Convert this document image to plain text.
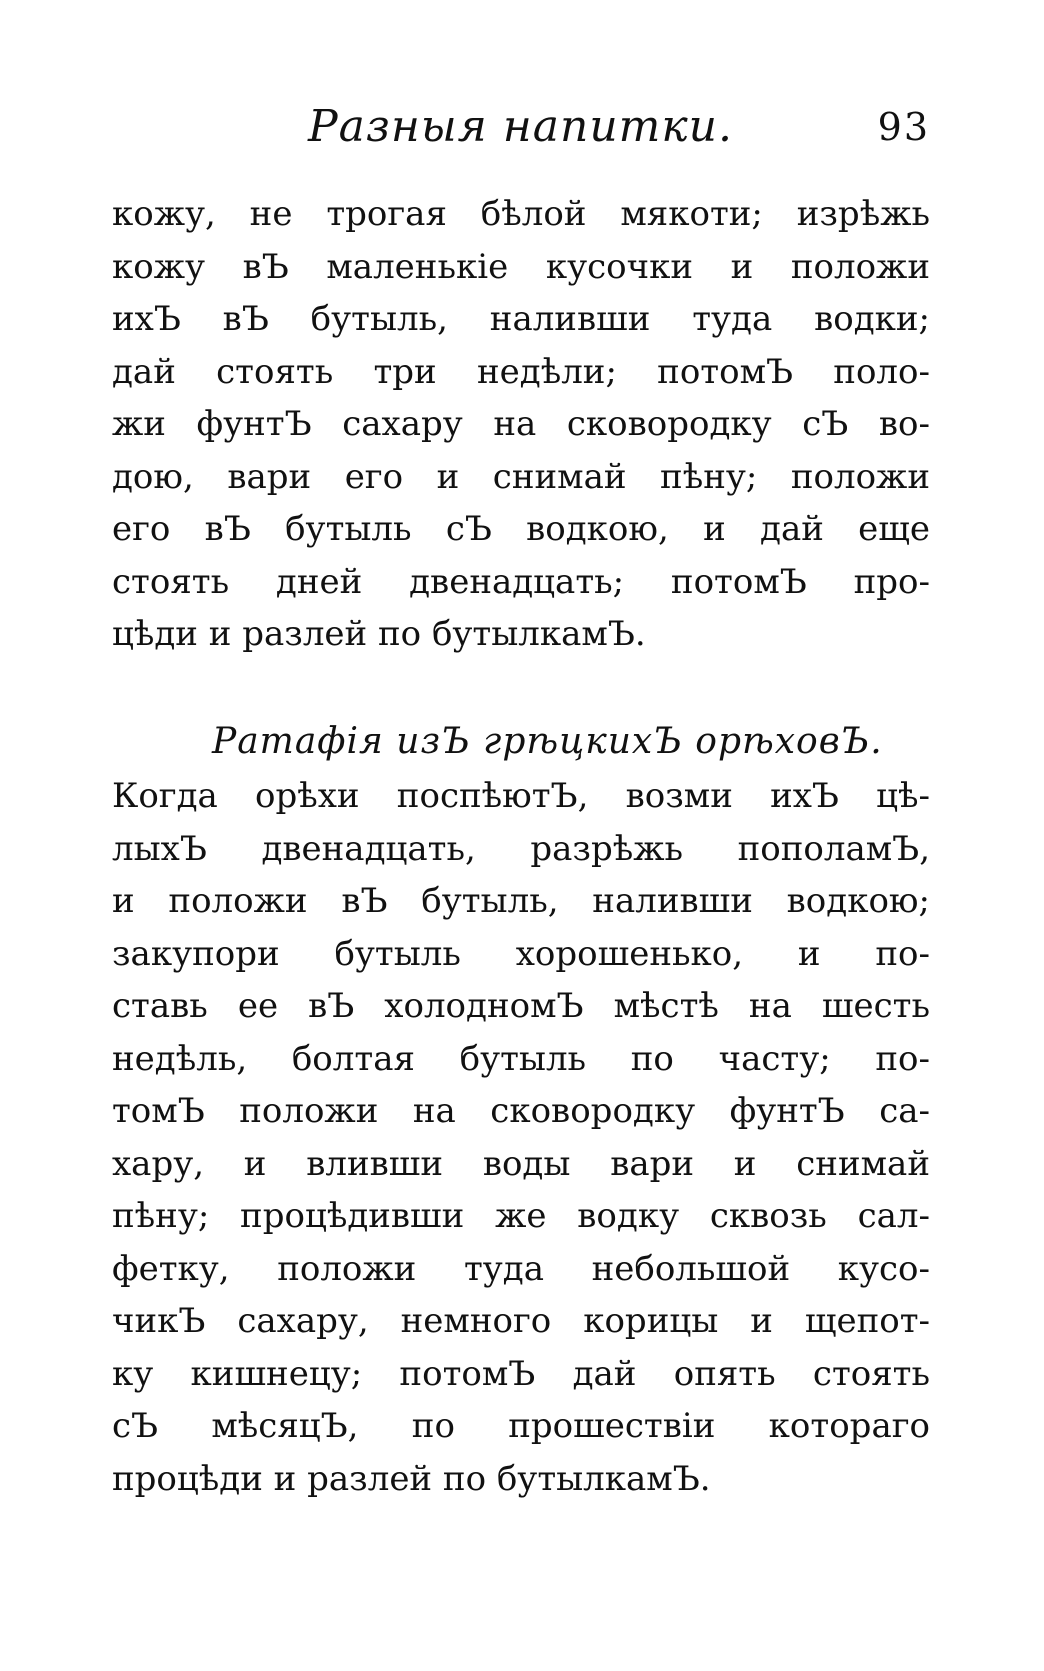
Разныя напитки.	93
кожу, не трогая бѣлой мякоти; изрѣжь
кожу вЪ маленькіе кусочки и положи
ихЪ вЪ бутыль, наливши туда водки;
дай стоять три недѣли; потомЪ поло-
жи фунтЪ сахару на сковородку сЪ во-
дою, вари его и снимай пѣну; положи
его вЪ бутыль сЪ водкою, и дай еще
стоять дней двенадцать; потомЪ про-
цѣди и разлей по бутылкамЪ.
Ратафія изЪ грѣцкихЪ орѣховЪ.
Когда орѣхи поспѣютЪ, возми ихЪ цѣ-
лыхЪ двенадцать, разрѣжь пополамЪ,
и положи вЪ бутыль, наливши водкою;
закупори бутыль хорошенько, и по-
ставь ее вЪ холодномЪ мѣстѣ на шесть
недѣль, болтая бутыль по часту; по-
томЪ положи на сковородку фунтЪ са-
хару, и вливши воды вари и снимай
пѣну; процѣдивши же водку сквозь сал-
фетку, положи туда небольшой кусо-
чикЪ сахару, немного корицы и щепот-
ку кишнецу; потомЪ дай опять стоять
сЪ мѣсяцЪ, по прошествіи котораго
процѣди и разлей по бутылкамЪ.
